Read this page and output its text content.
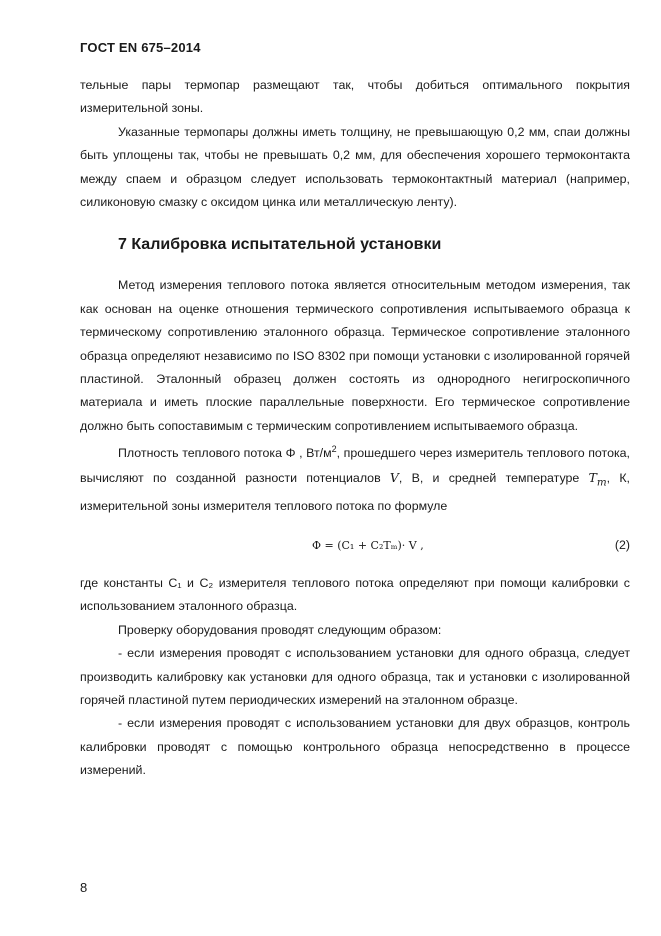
ГОСТ EN 675–2014

тельные пары термопар размещают так, чтобы добиться оптимального покрытия измерительной зоны.

Указанные термопары должны иметь толщину, не превышающую 0,2 мм, спаи должны быть уплощены так, чтобы не превышать 0,2 мм, для обеспечения хорошего термоконтакта между спаем и образцом следует использовать термоконтактный материал (например, силиконовую смазку с оксидом цинка или металлическую ленту).

7 Калибровка испытательной установки

Метод измерения теплового потока является относительным методом измерения, так как основан на оценке отношения термического сопротивления испытываемого образца к термическому сопротивлению эталонного образца. Термическое сопротивление эталонного образца определяют независимо по ISO 8302 при помощи установки с изолированной горячей пластиной. Эталонный образец должен состоять из однородного негигроскопичного материала и иметь плоские параллельные поверхности. Его термическое сопротивление должно быть сопоставимым с термическим сопротивлением испытываемого образца.

Плотность теплового потока Φ , $Вт/м^2$, прошедшего через измеритель теплового потока, вычисляют по созданной разности потенциалов V, В, и средней температуре $T_m$, К, измерительной зоны измерителя теплового потока по формуле

Φ = (C₁ + C₂Tₘ)· V ,	(2)

где константы C₁ и C₂ измерителя теплового потока определяют при помощи калибровки с использованием эталонного образца.

Проверку оборудования проводят следующим образом:

- если измерения проводят с использованием установки для одного образца, следует производить калибровку как установки для одного образца, так и установки с изолированной горячей пластиной путем периодических измерений на эталонном образце.

- если измерения проводят с использованием установки для двух образцов, контроль калибровки проводят с помощью контрольного образца непосредственно в процессе измерений.

8
